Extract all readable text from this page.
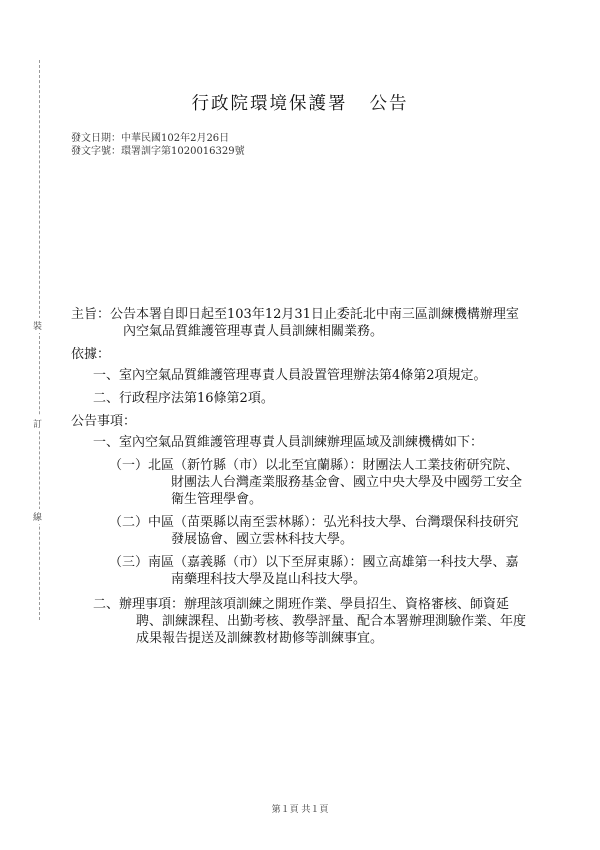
裝
訂
線
行政院環境保護署 公告
發文日期：中華民國102年2月26日
發文字號：環署訓字第1020016329號
主旨：公告本署自即日起至103年12月31日止委託北中南三區訓練機構辦理室內空氣品質維護管理專責人員訓練相關業務。
依據：
一、室內空氣品質維護管理專責人員設置管理辦法第4條第2項規定。
二、行政程序法第16條第2項。
公告事項：
一、室內空氣品質維護管理專責人員訓練辦理區域及訓練機構如下：
（一）北區（新竹縣（市）以北至宜蘭縣）：財團法人工業技術研究院、財團法人台灣產業服務基金會、國立中央大學及中國勞工安全衛生管理學會。
（二）中區（苗栗縣以南至雲林縣）：弘光科技大學、台灣環保科技研究發展協會、國立雲林科技大學。
（三）南區（嘉義縣（市）以下至屏東縣）：國立高雄第一科技大學、嘉南藥理科技大學及崑山科技大學。
二、辦理事項：辦理該項訓練之開班作業、學員招生、資格審核、師資延聘、訓練課程、出勤考核、教學評量、配合本署辦理測驗作業、年度成果報告提送及訓練教材勘修等訓練事宜。
第１頁 共１頁
